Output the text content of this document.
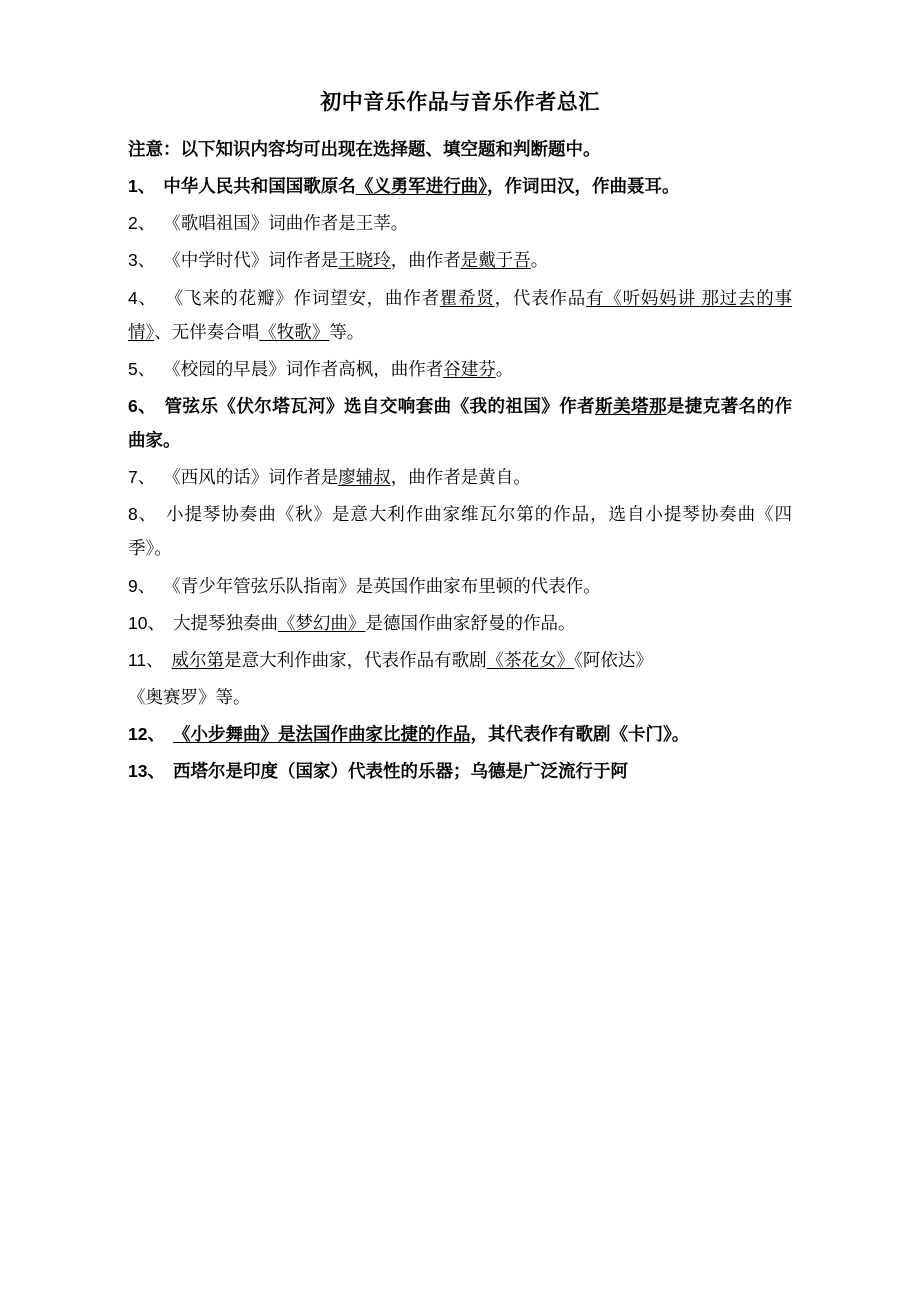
初中音乐作品与音乐作者总汇

注意：以下知识内容均可出现在选择题、填空题和判断题中。

1、 中华人民共和国国歌原名《义勇军进行曲》，作词田汉，作曲聂耳。

2、 《歌唱祖国》词曲作者是王莘。

3、 《中学时代》词作者是王晓玲，曲作者是戴于吾。

4、 《飞来的花瓣》作词望安，曲作者瞿希贤，代表作品有《听妈妈讲 那过去的事情》、无伴奏合唱《牧歌》等。

5、 《校园的早晨》词作者高枫，曲作者谷建芬。

6、 管弦乐《伏尔塔瓦河》选自交响套曲《我的祖国》作者斯美塔那是捷克著名的作曲家。

7、 《西风的话》词作者是廖辅叔，曲作者是黄自。

8、 小提琴协奏曲《秋》是意大利作曲家维瓦尔第的作品，选自小提琴协奏曲《四季》。

9、 《青少年管弦乐队指南》是英国作曲家布里顿的代表作。

10、 大提琴独奏曲《梦幻曲》是德国作曲家舒曼的作品。

11、 威尔第是意大利作曲家，代表作品有歌剧《茶花女》《阿依达》

《奥赛罗》等。

12、 《小步舞曲》是法国作曲家比捷的作品，其代表作有歌剧《卡门》。

13、 西塔尔是印度（国家）代表性的乐器；乌德是广泛流行于阿
